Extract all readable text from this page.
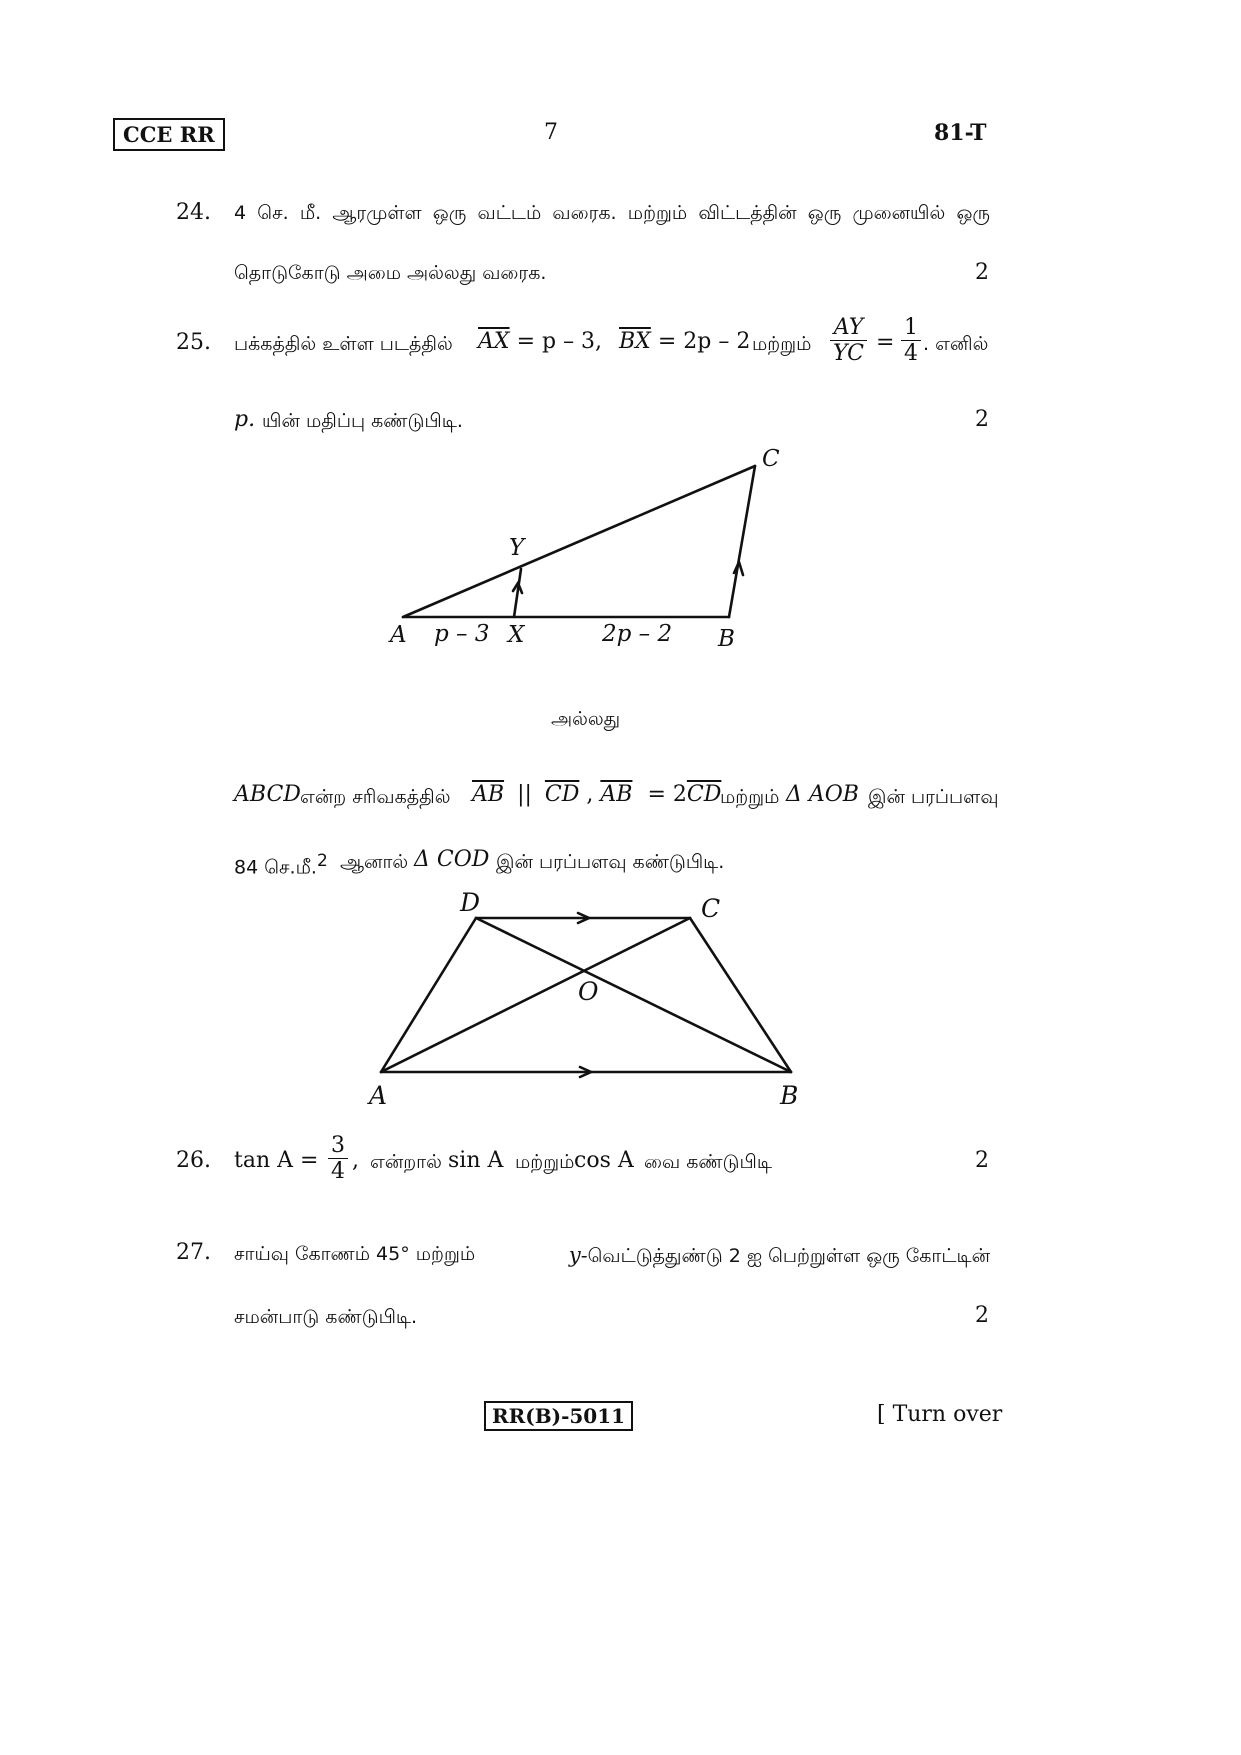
CCE RR	7	81-T
24. 4 செ. மீ. ஆரமுள்ள ஒரு வட்டம் வரைக. மற்றும் விட்டத்தின் ஒரு முனையில் ஒரு
தொடுகோடு அமை அல்லது வரைக.	2
25. பக்கத்தில் உள்ள படத்தில் $\overline{AX} = p - 3$, $\overline{BX} = 2p - 2$ மற்றும் $\frac{AY}{YC} = \frac{1}{4}$ . எனில்
p. யின் மதிப்பு கண்டுபிடி.	2
A p – 3 X	2p – 2 B
Y
C
D	C
O
A	B
அல்லது
ABCD என்ற சரிவகத்தில் $\overline{AB}$ || $\overline{CD}$ , $\overline{AB} = 2\overline{CD}$
மற்றும் Δ AOB இன் பரப்பளவு
84 செ.மீ.$^2$ ஆனால் Δ COD இன் பரப்பளவு கண்டுபிடி.
26. $\tan A = \frac{3}{4}$ , என்றால் sin A மற்றும் cos A வை கண்டுபிடி	2
27. சாய்வு கோணம் 45° மற்றும்	y-வெட்டுத்துண்டு 2 ஐ பெற்றுள்ள ஒரு கோட்டின்
சமன்பாடு கண்டுபிடி.	2
RR(B)-5011	[ Turn over
